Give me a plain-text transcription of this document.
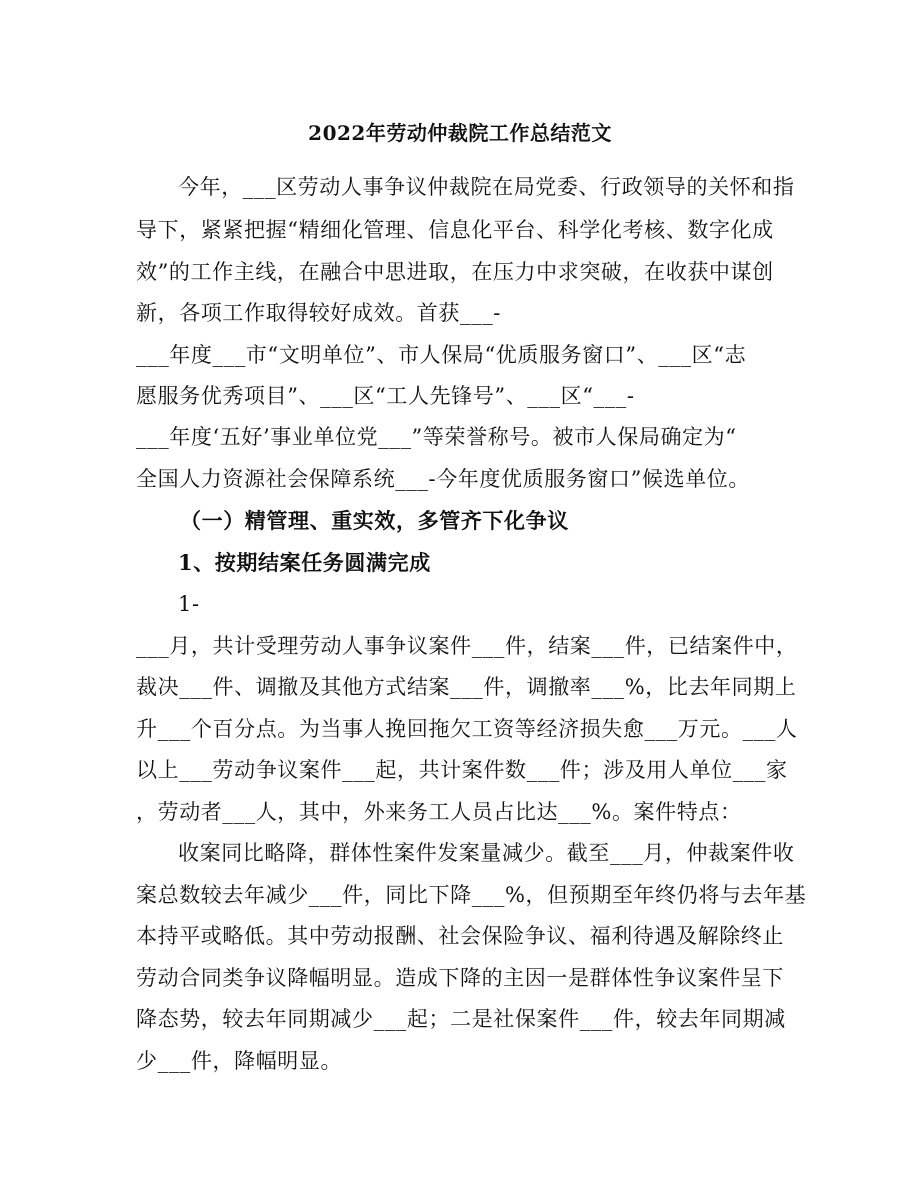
2022年劳动仲裁院工作总结范文
今年，___区劳动人事争议仲裁院在局党委、行政领导的关怀和指
导下，紧紧把握“精细化管理、信息化平台、科学化考核、数字化成
效”的工作主线，在融合中思进取，在压力中求突破，在收获中谋创
新，各项工作取得较好成效。首获___-
___年度___市“文明单位”、市人保局“优质服务窗口”、___区“志
愿服务优秀项目”、___区“工人先锋号”、___区“___-
___年度‘五好’事业单位党___”等荣誉称号。被市人保局确定为“
全国人力资源社会保障系统___-今年度优质服务窗口”候选单位。
（一）精管理、重实效，多管齐下化争议
1、按期结案任务圆满完成
1-
___月，共计受理劳动人事争议案件___件，结案___件，已结案件中，
裁决___件、调撤及其他方式结案___件，调撤率___%，比去年同期上
升___个百分点。为当事人挽回拖欠工资等经济损失愈___万元。___人
以上___劳动争议案件___起，共计案件数___件；涉及用人单位___家
，劳动者___人，其中，外来务工人员占比达___%。案件特点：
收案同比略降，群体性案件发案量减少。截至___月，仲裁案件收
案总数较去年减少___件，同比下降___%，但预期至年终仍将与去年基
本持平或略低。其中劳动报酬、社会保险争议、福利待遇及解除终止
劳动合同类争议降幅明显。造成下降的主因一是群体性争议案件呈下
降态势，较去年同期减少___起；二是社保案件___件，较去年同期减
少___件，降幅明显。
